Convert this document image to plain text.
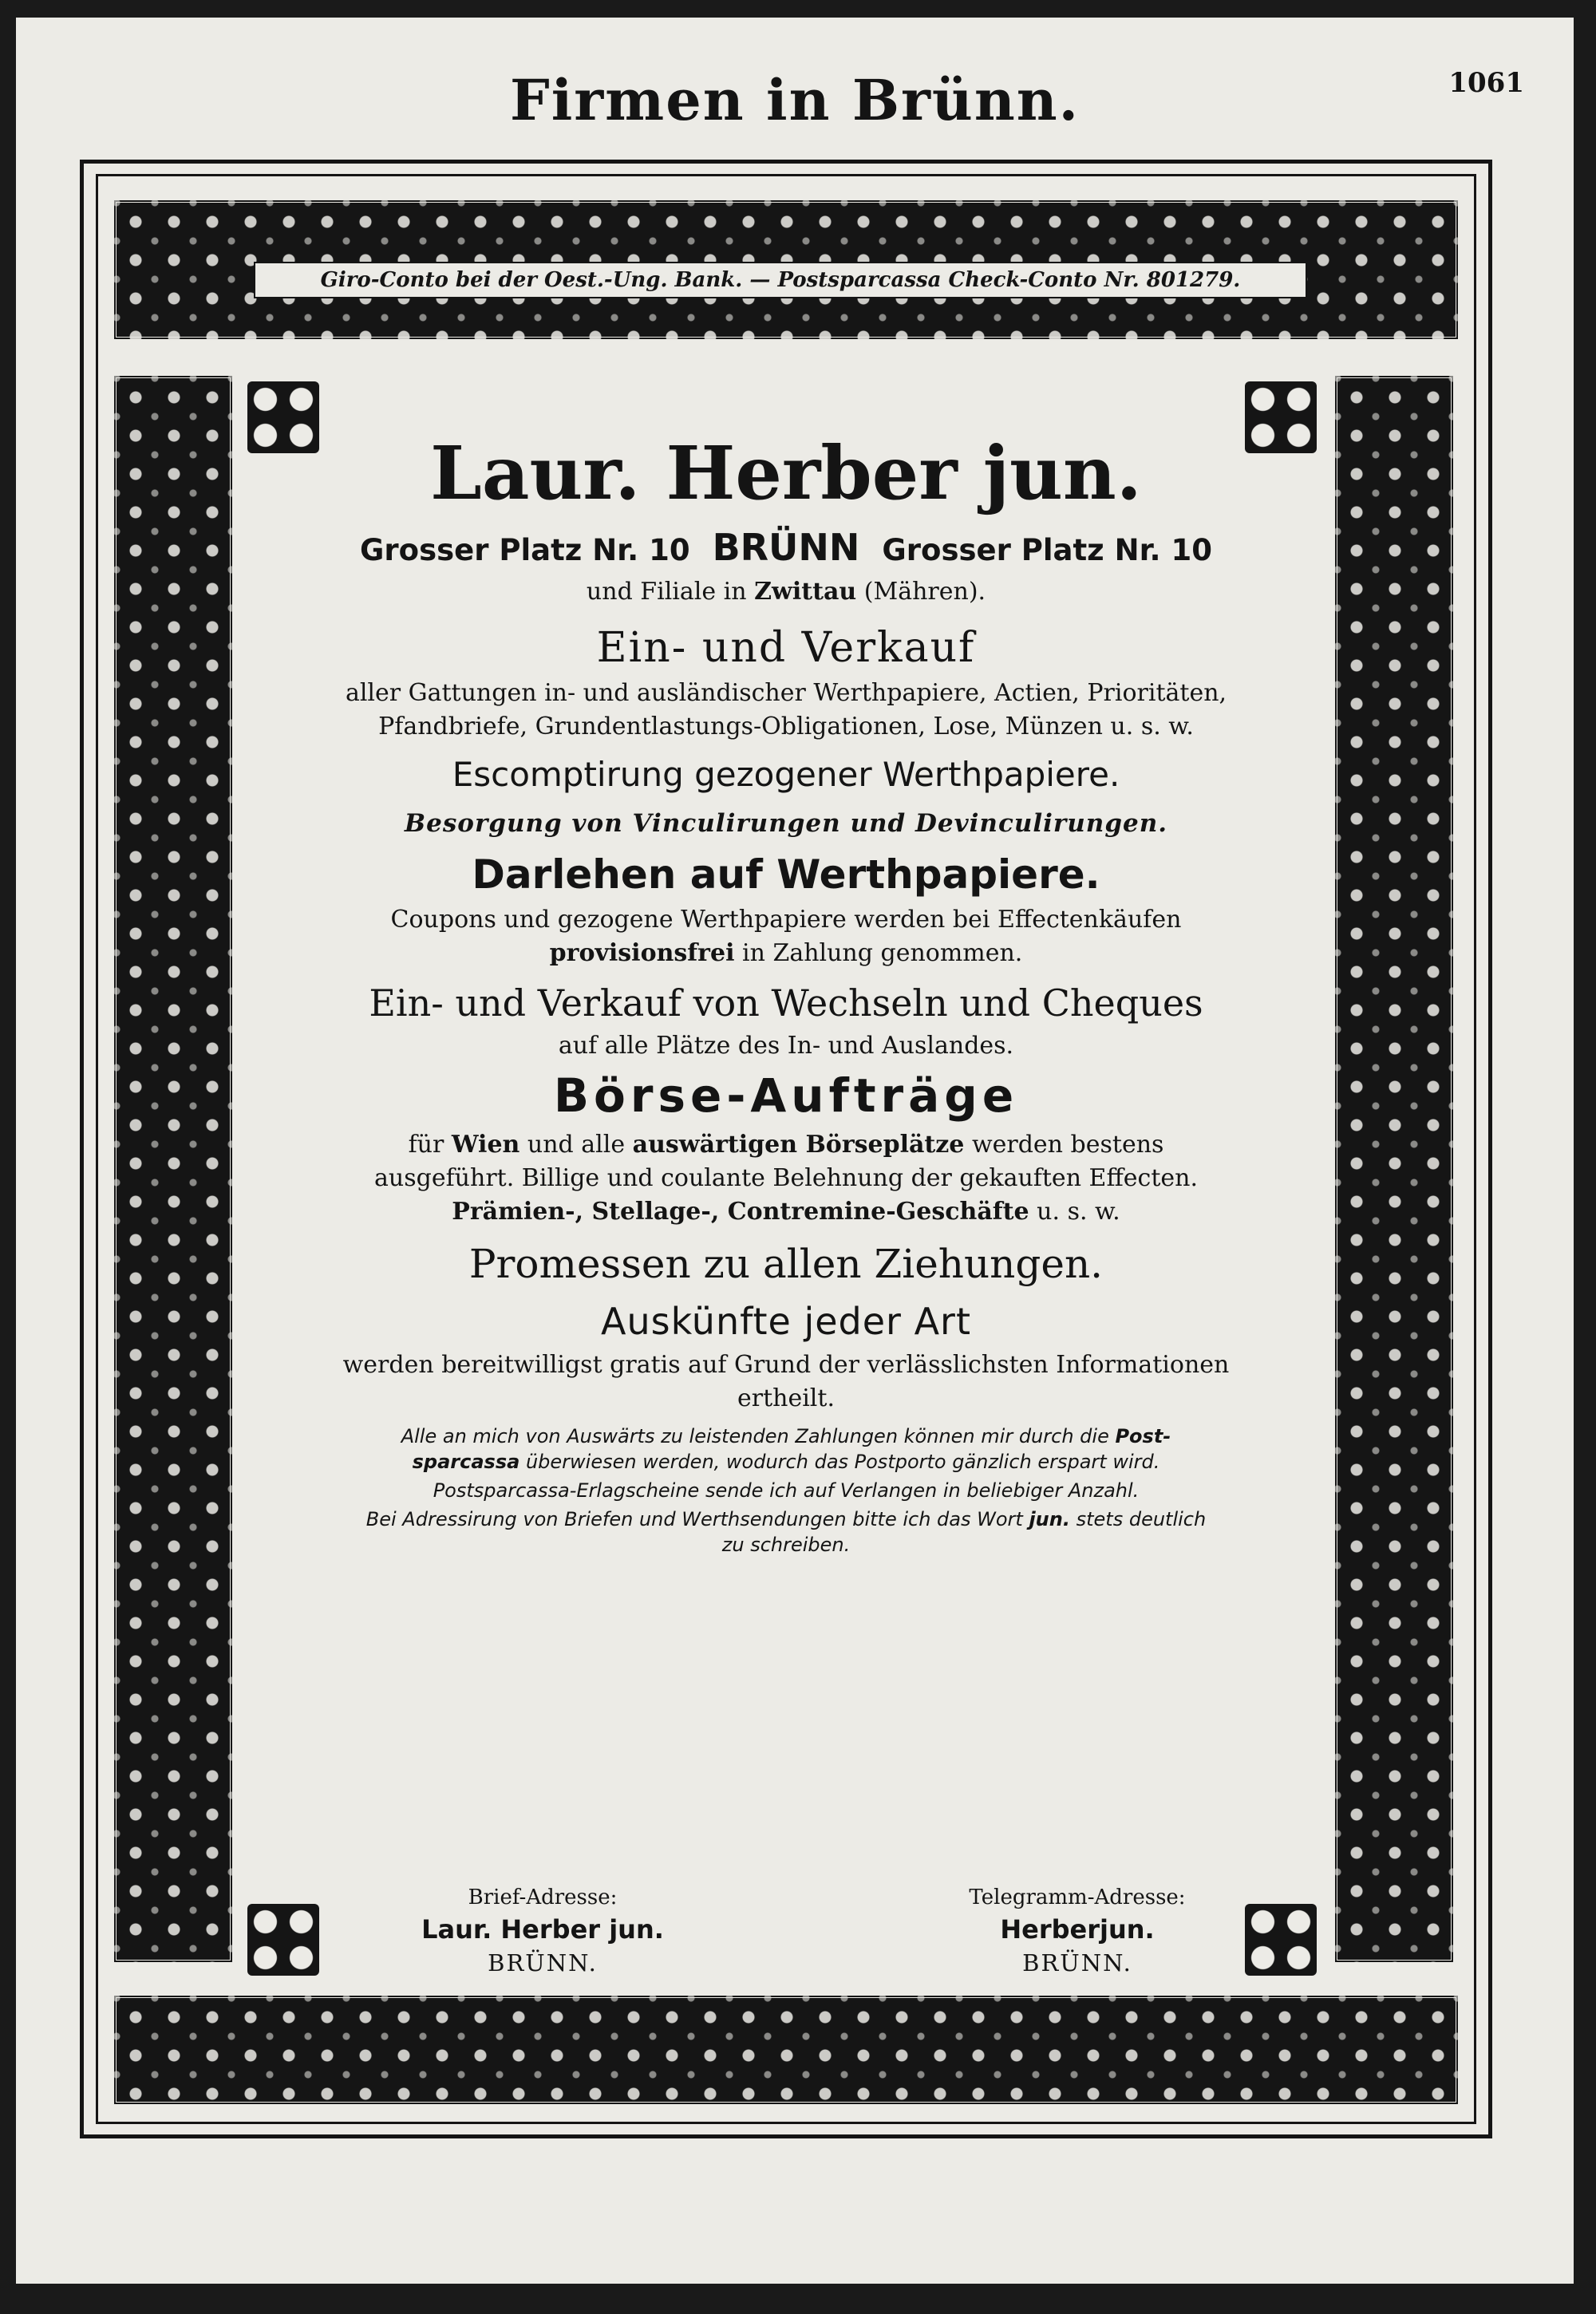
Firmen in Brünn.	1061
Giro-Conto bei der Oest.-Ung. Bank. — Postsparcassa Check-Conto Nr. 801279.
Laur. Herber jun.
Grosser Platz Nr. 10 BRÜNN Grosser Platz Nr. 10
und Filiale in Zwittau (Mähren).
Ein- und Verkauf
aller Gattungen in- und ausländischer Werthpapiere, Actien, Prioritäten,
Pfandbriefe, Grundentlastungs-Obligationen, Lose, Münzen u. s. w.
Escomptirung gezogener Werthpapiere.
Besorgung von Vinculirungen und Devinculirungen.
Darlehen auf Werthpapiere.
Coupons und gezogene Werthpapiere werden bei Effectenkäufen
provisionsfrei in Zahlung genommen.
Ein- und Verkauf von Wechseln und Cheques
auf alle Plätze des In- und Auslandes.
Börse-Aufträge
für Wien und alle auswärtigen Börseplätze werden bestens
ausgeführt. Billige und coulante Belehnung der gekauften Effecten.
Prämien-, Stellage-, Contremine-Geschäfte u. s. w.
Promessen zu allen Ziehungen.
Auskünfte jeder Art
werden bereitwilligst gratis auf Grund der verlässlichsten Informationen
ertheilt.
Alle an mich von Auswärts zu leistenden Zahlungen können mir durch die Post-
sparcassa überwiesen werden, wodurch das Postporto gänzlich erspart wird.
Postsparcassa-Erlagscheine sende ich auf Verlangen in beliebiger Anzahl.
Bei Adressirung von Briefen und Werthsendungen bitte ich das Wort jun. stets deutlich
zu schreiben.
Brief-Adresse:
Laur. Herber jun.
BRÜNN.
Telegramm-Adresse:
Herberjun.
BRÜNN.
